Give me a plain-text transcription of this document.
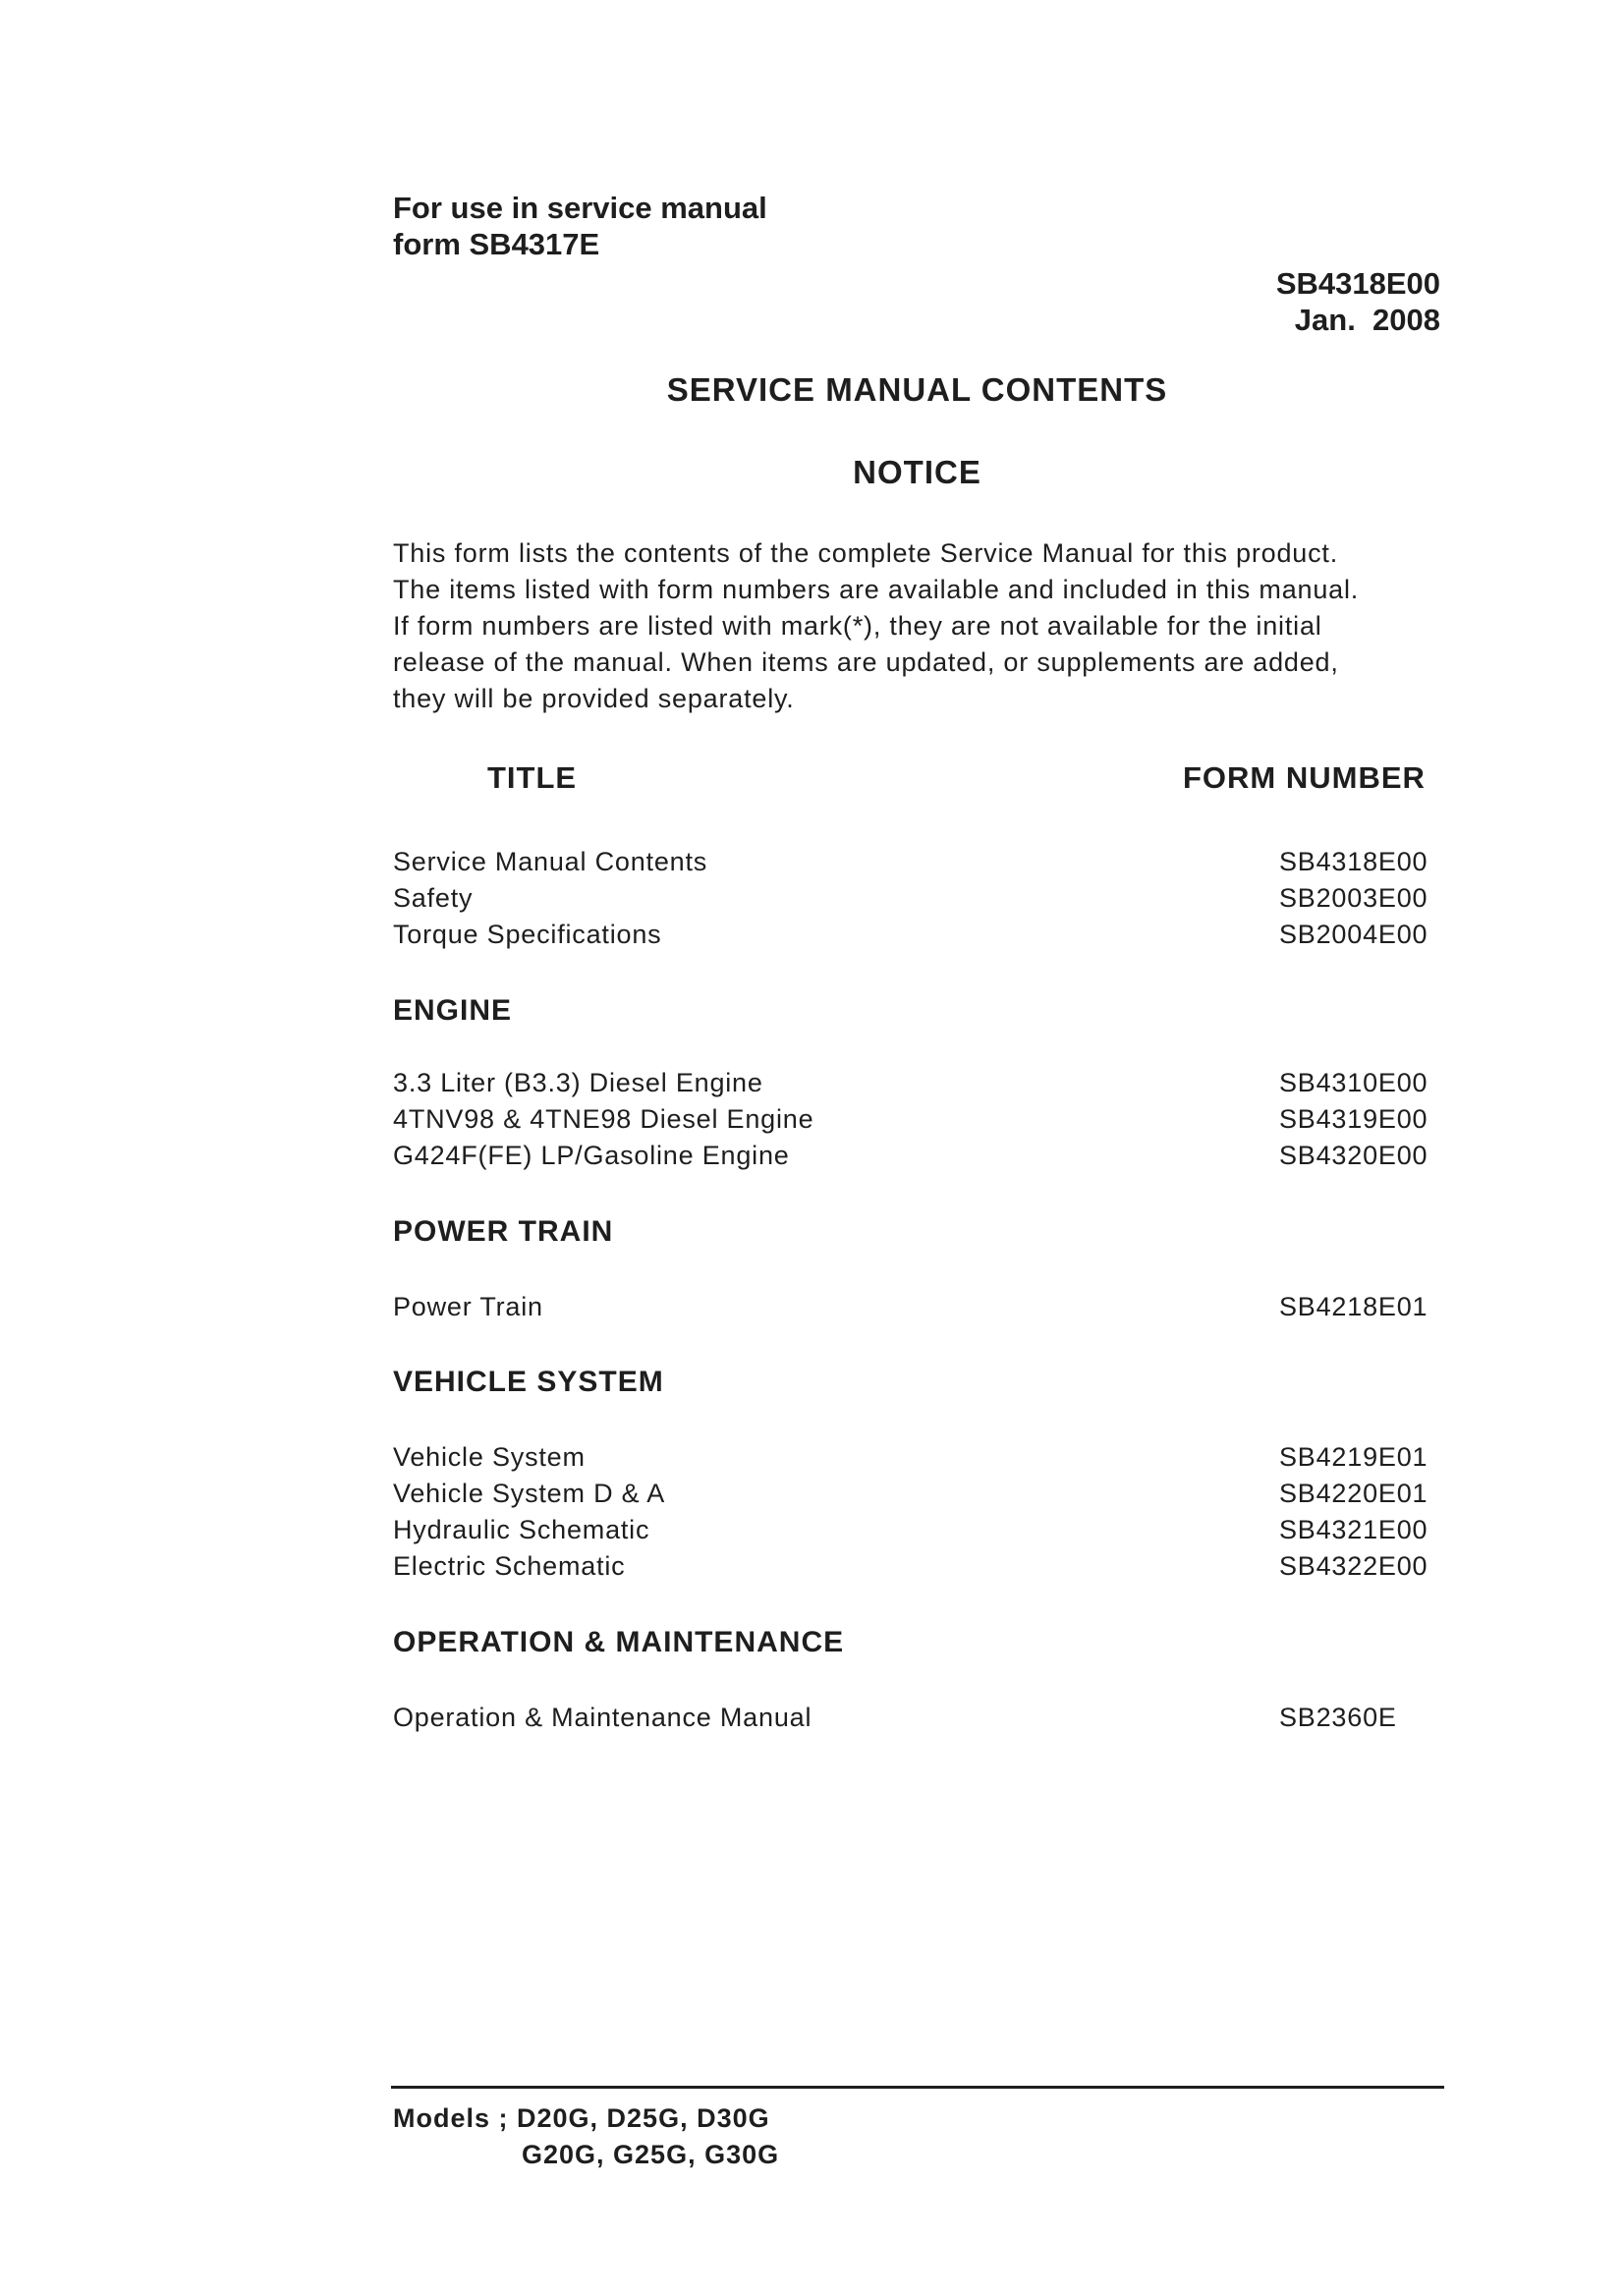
For use in service manual
form SB4317E
SB4318E00
Jan.  2008
SERVICE MANUAL CONTENTS
NOTICE

This form lists the contents of the complete Service Manual for this product.

The items listed with form numbers are available and included in this manual.

If form numbers are listed with mark(*), they are not available for the initial

release of the manual. When items are updated, or supplements are added,

they will be provided separately.

TITLE	FORM NUMBER
Service Manual Contents	SB4318E00
Safety	SB2003E00
Torque Specifications	SB2004E00
ENGINE
3.3 Liter (B3.3) Diesel Engine	SB4310E00
4TNV98 & 4TNE98 Diesel Engine	SB4319E00
G424F(FE) LP/Gasoline Engine	SB4320E00
POWER TRAIN
Power Train	SB4218E01
VEHICLE SYSTEM
Vehicle System	SB4219E01
Vehicle System D & A	SB4220E01
Hydraulic Schematic	SB4321E00
Electric Schematic	SB4322E00
OPERATION & MAINTENANCE
Operation & Maintenance Manual	SB2360E
Models ; D20G, D25G, D30G
G20G, G25G, G30G
